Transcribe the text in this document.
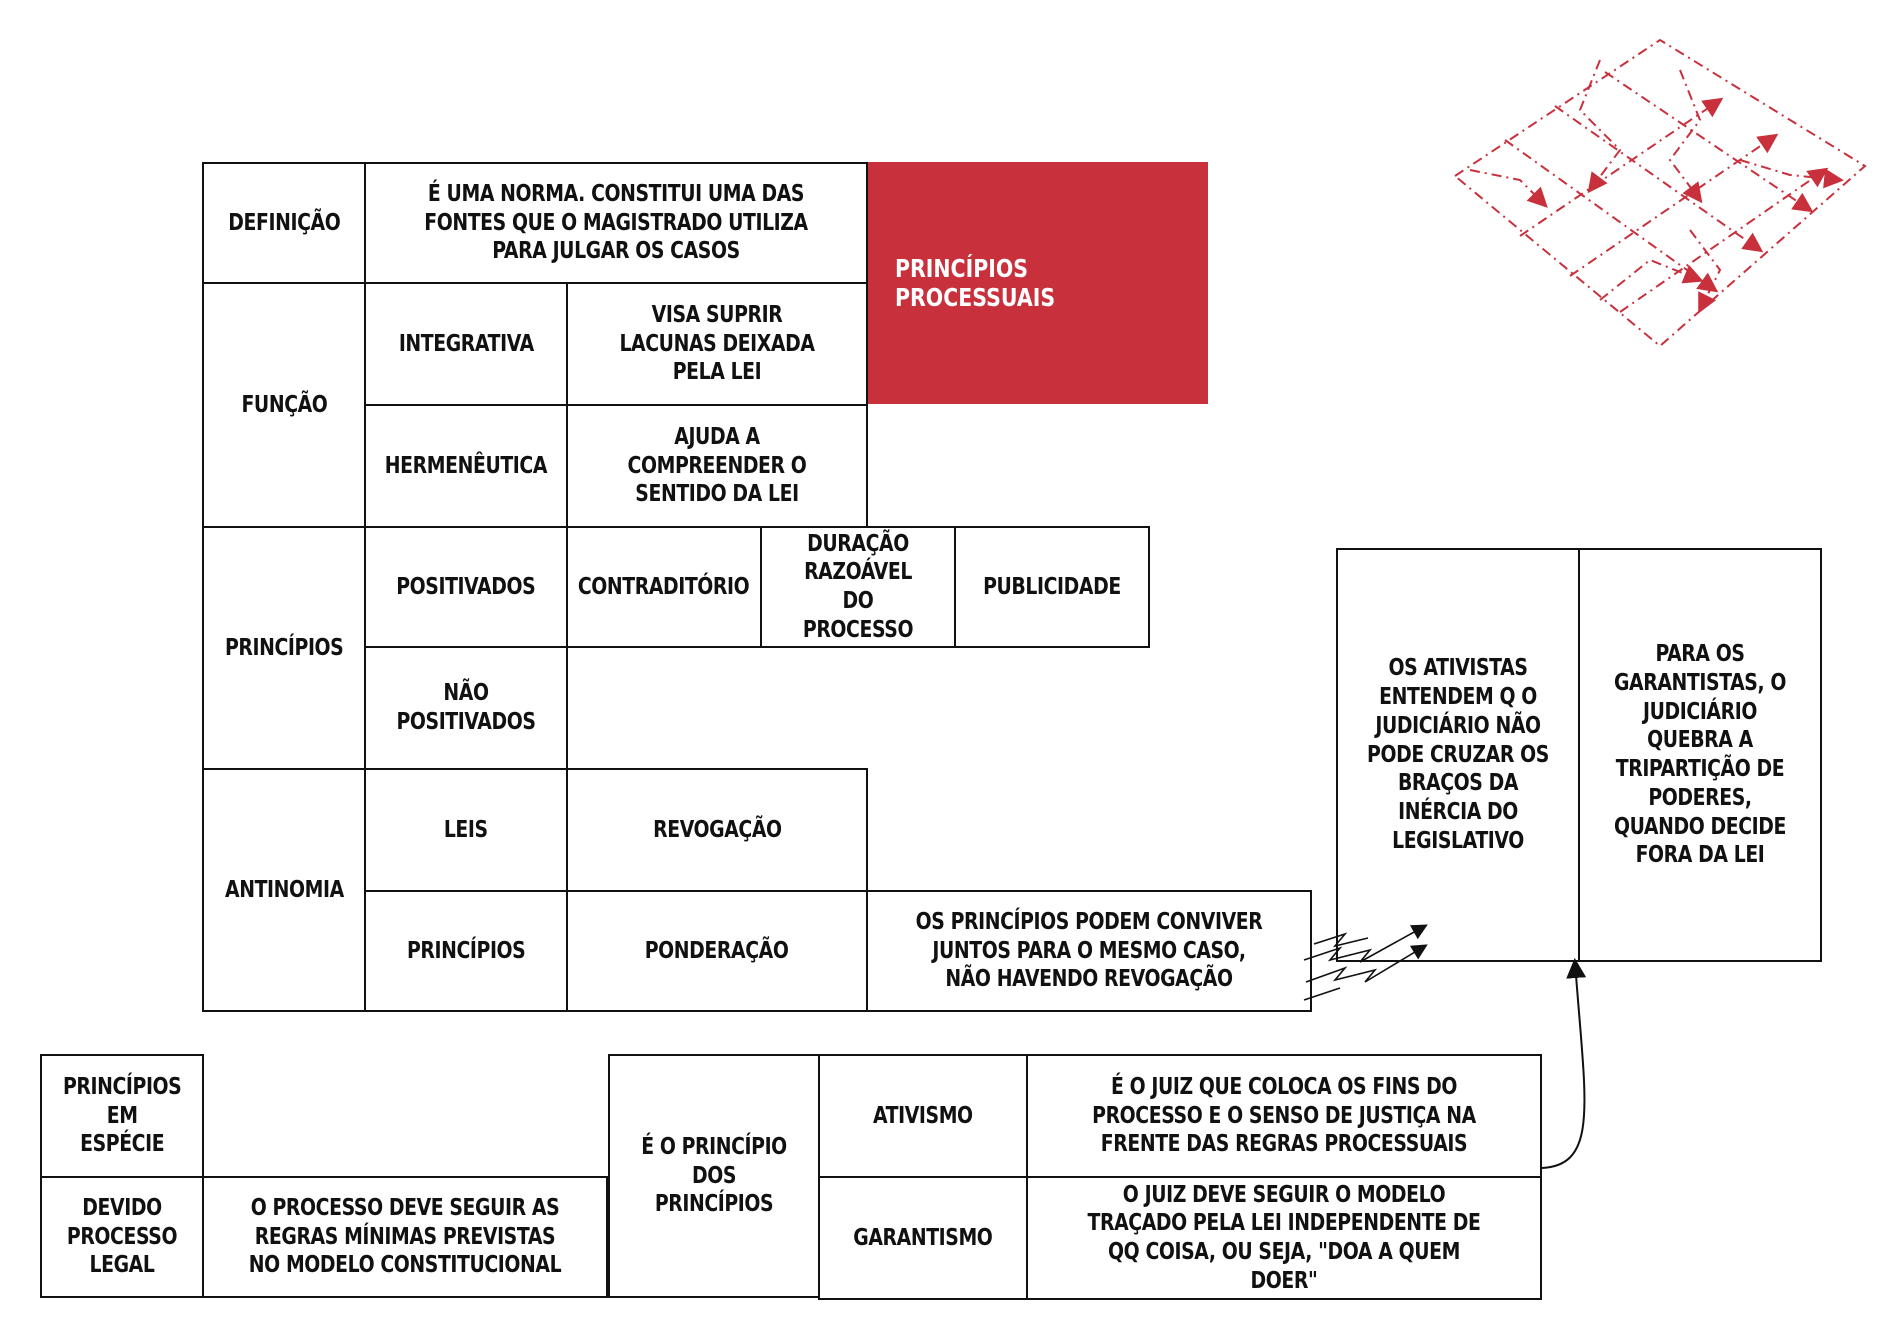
PRINCÍPIOS PROCESSUAIS
DEFINIÇÃO
É UMA NORMA. CONSTITUI UMA DAS FONTES QUE O MAGISTRADO UTILIZA PARA JULGAR OS CASOS
FUNÇÃO
INTEGRATIVA
VISA SUPRIR LACUNAS DEIXADA PELA LEI
HERMENÊUTICA
AJUDA A COMPREENDER O SENTIDO DA LEI
PRINCÍPIOS
POSITIVADOS CONTRADITÓRIO
DURAÇÃO RAZOÁVEL DO PROCESSO
PUBLICIDADE
NÃO POSITIVADOS
ANTINOMIA
LEIS	REVOGAÇÃO
PRINCÍPIOS	PONDERAÇÃO
OS PRINCÍPIOS PODEM CONVIVER JUNTOS PARA O MESMO CASO, NÃO HAVENDO REVOGAÇÃO
OS ATIVISTAS ENTENDEM Q O JUDICIÁRIO NÃO PODE CRUZAR OS BRAÇOS DA INÉRCIA DO LEGISLATIVO
PARA OS GARANTISTAS, O JUDICIÁRIO QUEBRA A TRIPARTIÇÃO DE PODERES, QUANDO DECIDE FORA DA LEI
PRINCÍPIOS EM ESPÉCIE
DEVIDO PROCESSO LEGAL
O PROCESSO DEVE SEGUIR AS REGRAS MÍNIMAS PREVISTAS NO MODELO CONSTITUCIONAL
É O PRINCÍPIO DOS PRINCÍPIOS
ATIVISMO
É O JUIZ QUE COLOCA OS FINS DO PROCESSO E O SENSO DE JUSTIÇA NA FRENTE DAS REGRAS PROCESSUAIS
GARANTISMO
O JUIZ DEVE SEGUIR O MODELO TRAÇADO PELA LEI INDEPENDENTE DE QQ COISA, OU SEJA, "DOA A QUEM DOER"
